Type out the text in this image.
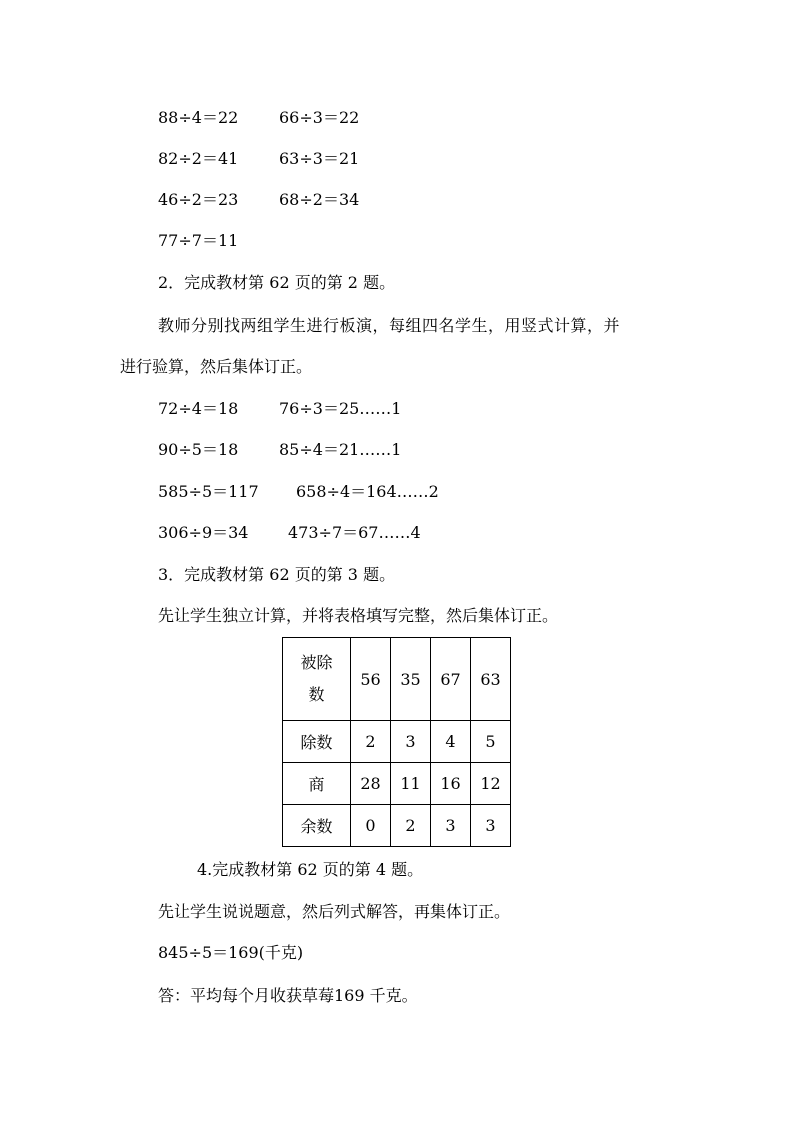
88÷4＝22	66÷3＝22
82÷2＝41	63÷3＝21
46÷2＝23	68÷2＝34
77÷7＝11
2．完成教材第 62 页的第 2 题。
教师分别找两组学生进行板演，每组四名学生，用竖式计算，并
进行验算，然后集体订正。
72÷4＝18	76÷3＝25……1
90÷5＝18	85÷4＝21……1
585÷5＝117 658÷4＝164……2
306÷9＝34 473÷7＝67……4
3．完成教材第 62 页的第 3 题。
先让学生独立计算，并将表格填写完整，然后集体订正。
被除
数	56	35	67	63
除数	2	3	4	5
商	28	11	16	12
余数	0	2	3	3
4.完成教材第 62 页的第 4 题。
先让学生说说题意，然后列式解答，再集体订正。
845÷5＝169(千克)
答：平均每个月收获草莓169 千克。
